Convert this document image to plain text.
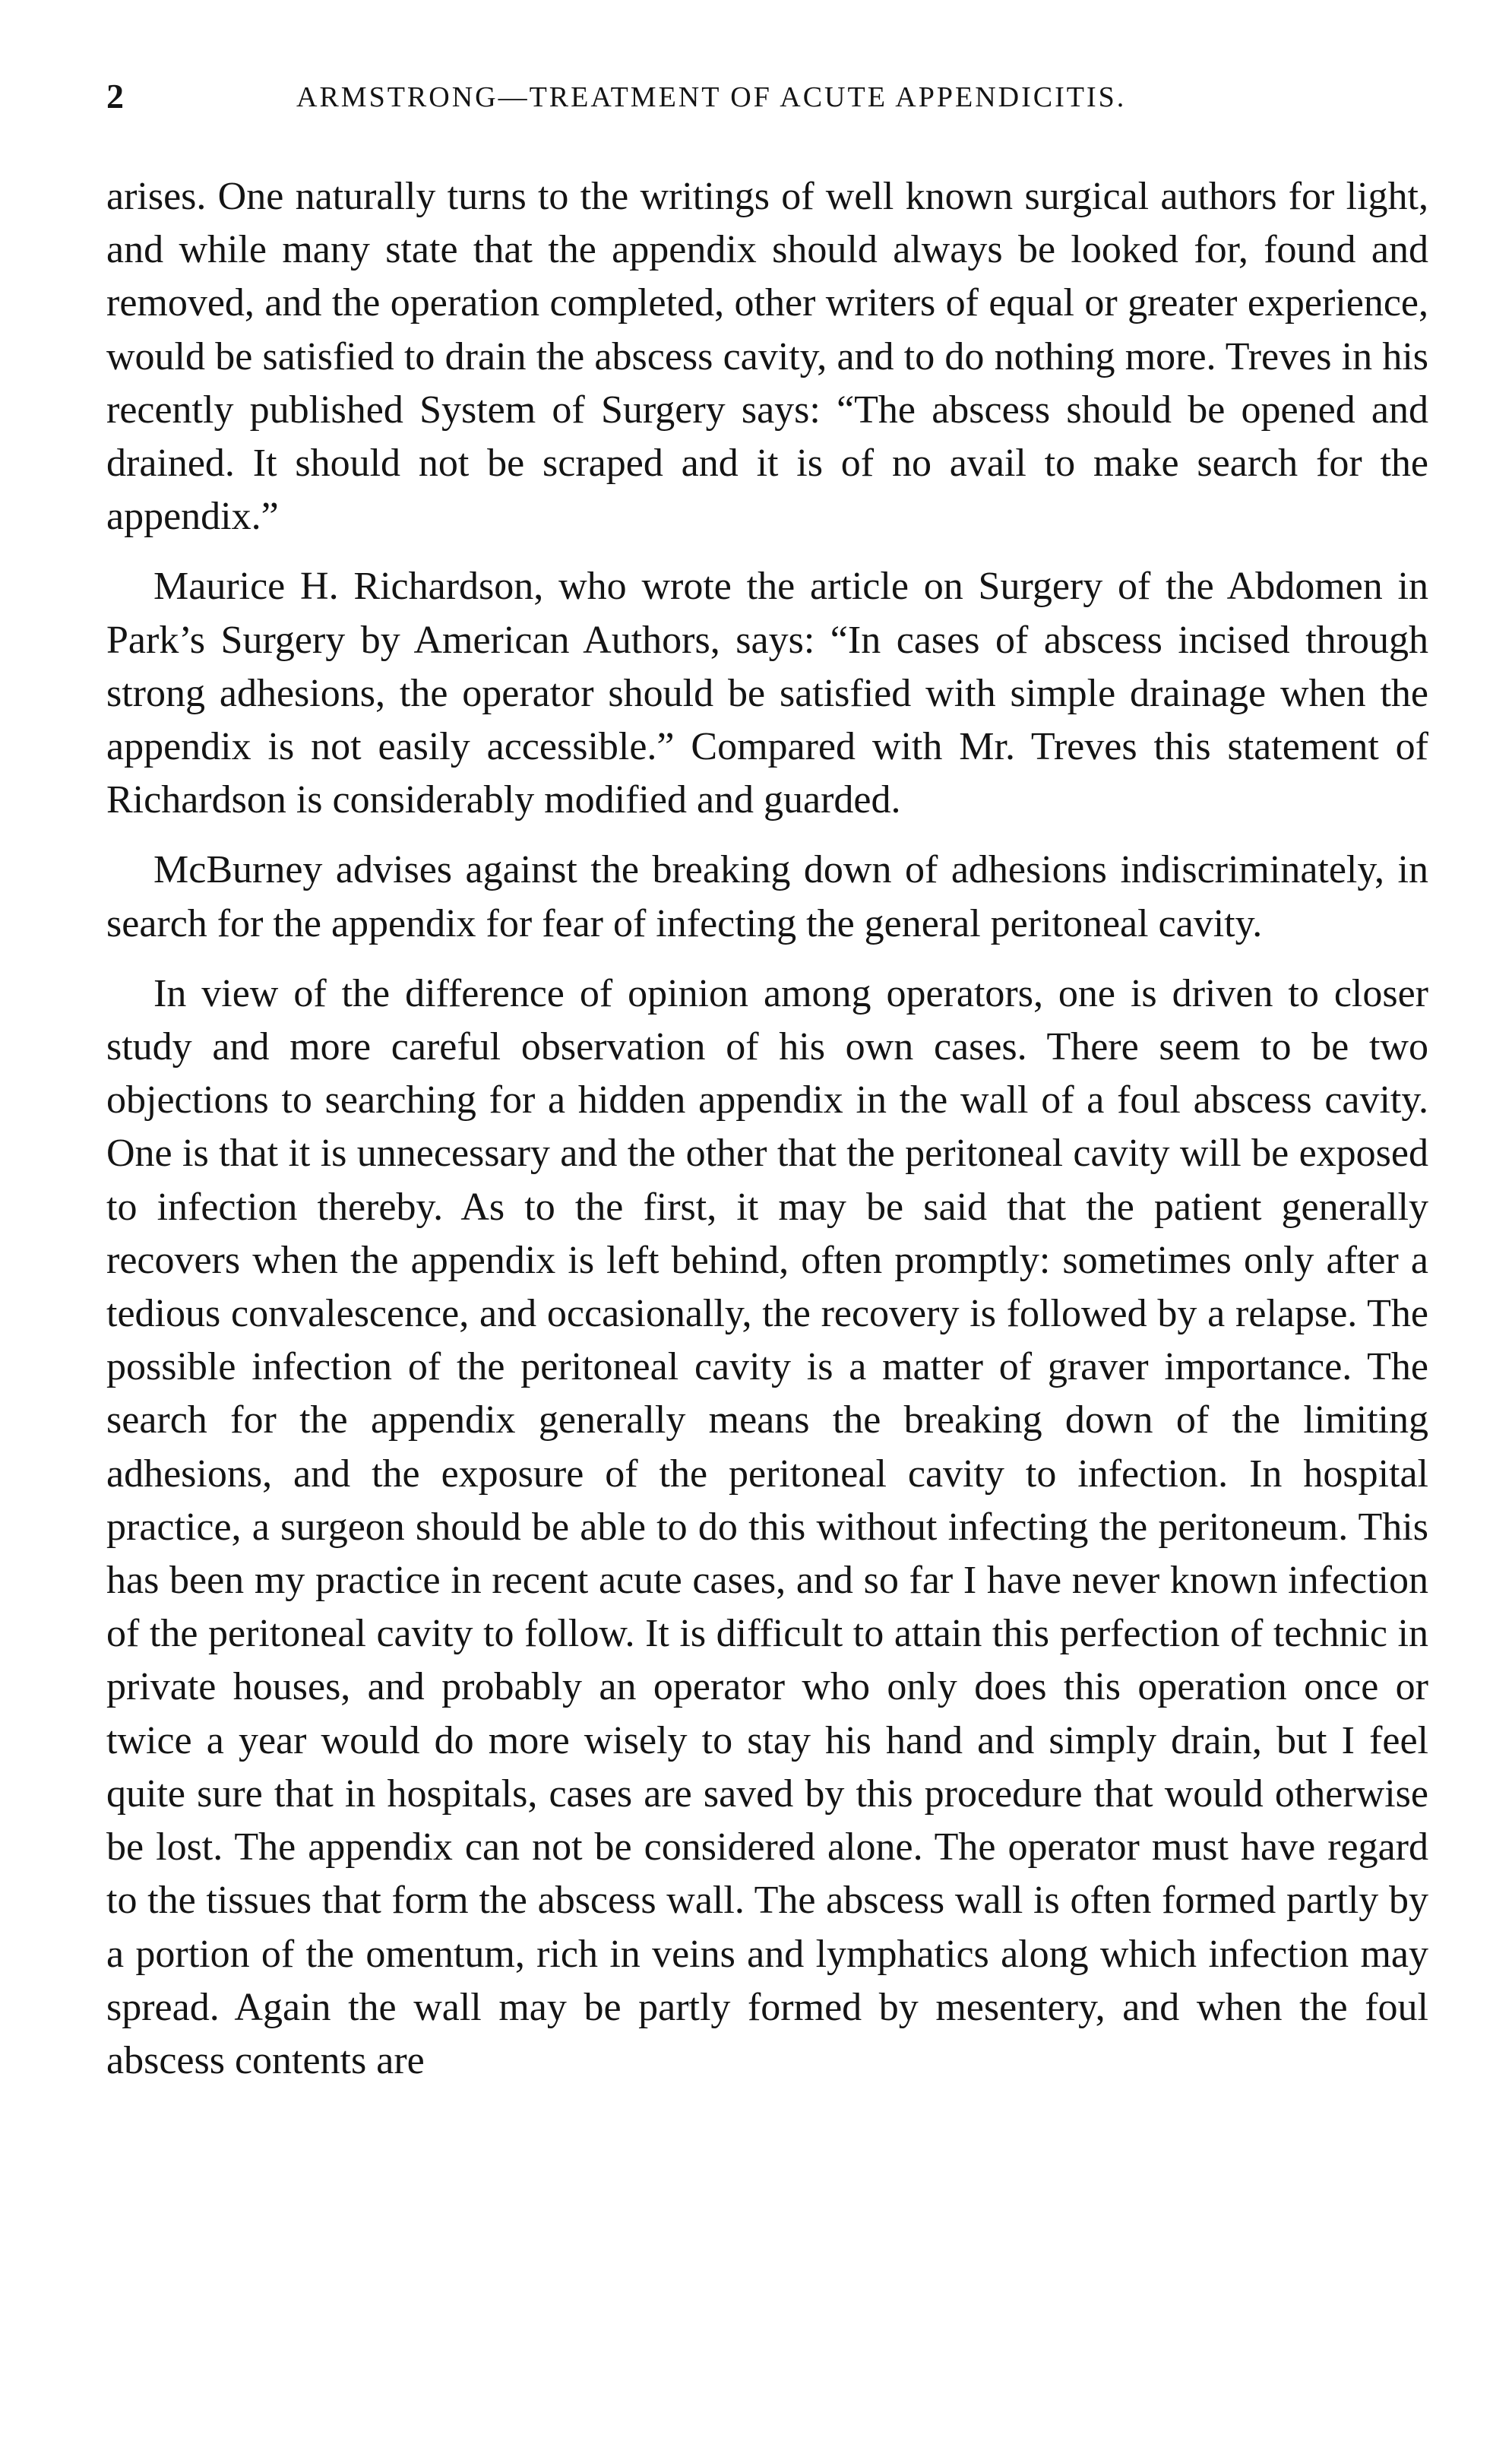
2	ARMSTRONG—TREATMENT OF ACUTE APPENDICITIS.

arises. One naturally turns to the writings of well known surgical authors for light, and while many state that the appendix should always be looked for, found and removed, and the operation completed, other writers of equal or greater experience, would be satisfied to drain the abscess cavity, and to do nothing more. Treves in his recently published System of Surgery says: “The abscess should be opened and drained. It should not be scraped and it is of no avail to make search for the appendix.”

Maurice H. Richardson, who wrote the article on Surgery of the Abdomen in Park’s Surgery by American Authors, says: “In cases of abscess incised through strong adhesions, the operator should be satisfied with simple drainage when the appendix is not easily accessible.” Compared with Mr. Treves this statement of Richardson is considerably modified and guarded.

McBurney advises against the breaking down of adhesions indiscriminately, in search for the appendix for fear of infecting the general peritoneal cavity.

In view of the difference of opinion among operators, one is driven to closer study and more careful observation of his own cases. There seem to be two objections to searching for a hidden appendix in the wall of a foul abscess cavity. One is that it is unnecessary and the other that the peritoneal cavity will be exposed to infection thereby. As to the first, it may be said that the patient generally recovers when the appendix is left behind, often promptly: sometimes only after a tedious convalescence, and occasionally, the recovery is followed by a relapse. The possible infection of the peritoneal cavity is a matter of graver importance. The search for the appendix generally means the breaking down of the limiting adhesions, and the exposure of the peritoneal cavity to infection. In hospital practice, a surgeon should be able to do this without infecting the peritoneum. This has been my practice in recent acute cases, and so far I have never known infection of the peritoneal cavity to follow. It is difficult to attain this perfection of technic in private houses, and probably an operator who only does this operation once or twice a year would do more wisely to stay his hand and simply drain, but I feel quite sure that in hospitals, cases are saved by this procedure that would otherwise be lost. The appendix can not be considered alone. The operator must have regard to the tissues that form the abscess wall. The abscess wall is often formed partly by a portion of the omentum, rich in veins and lymphatics along which infection may spread. Again the wall may be partly formed by mesentery, and when the foul abscess contents are
